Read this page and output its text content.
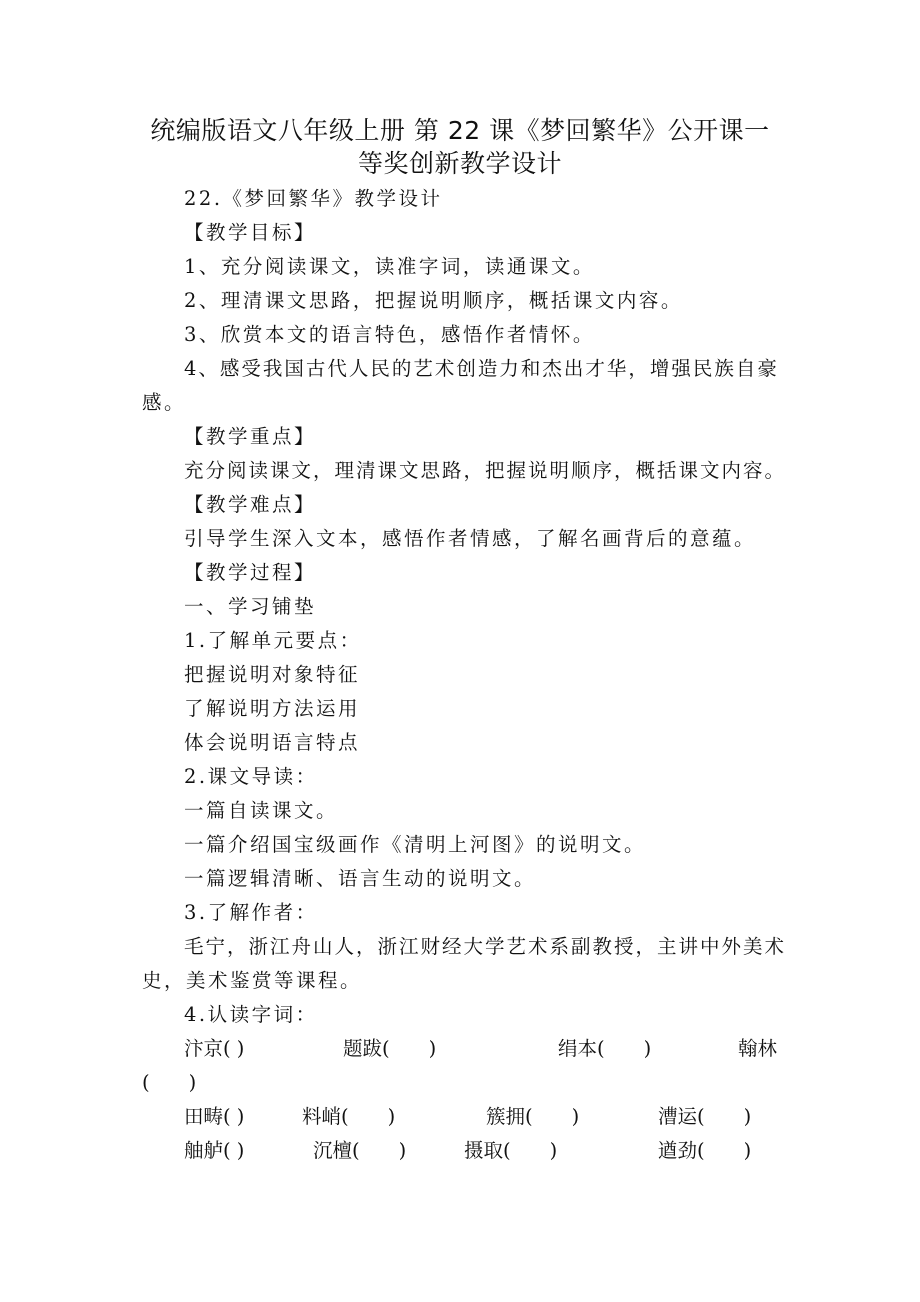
统编版语文八年级上册 第 22 课《梦回繁华》公开课一
等奖创新教学设计
22.《梦回繁华》教学设计
【教学目标】
1、充分阅读课文，读准字词，读通课文。
2、理清课文思路，把握说明顺序，概括课文内容。
3、欣赏本文的语言特色，感悟作者情怀。
4、感受我国古代人民的艺术创造力和杰出才华，增强民族自豪
感。
【教学重点】
充分阅读课文，理清课文思路，把握说明顺序，概括课文内容。
【教学难点】
引导学生深入文本，感悟作者情感，了解名画背后的意蕴。
【教学过程】
一、学习铺垫
1.了解单元要点：
把握说明对象特征
了解说明方法运用
体会说明语言特点
2.课文导读：
一篇自读课文。
一篇介绍国宝级画作《清明上河图》的说明文。
一篇逻辑清晰、语言生动的说明文。
3.了解作者：
毛宁，浙江舟山人，浙江财经大学艺术系副教授，主讲中外美术
史，美术鉴赏等课程。
4.认读字词：
汴京( )	题跋(　　)	绢本(　　)	翰林
(　　)
田畴( )	料峭(　　)	簇拥(　　)	漕运(　　)
舳舻( )	沉檀(　　)	摄取(　　)	遒劲(　　)
